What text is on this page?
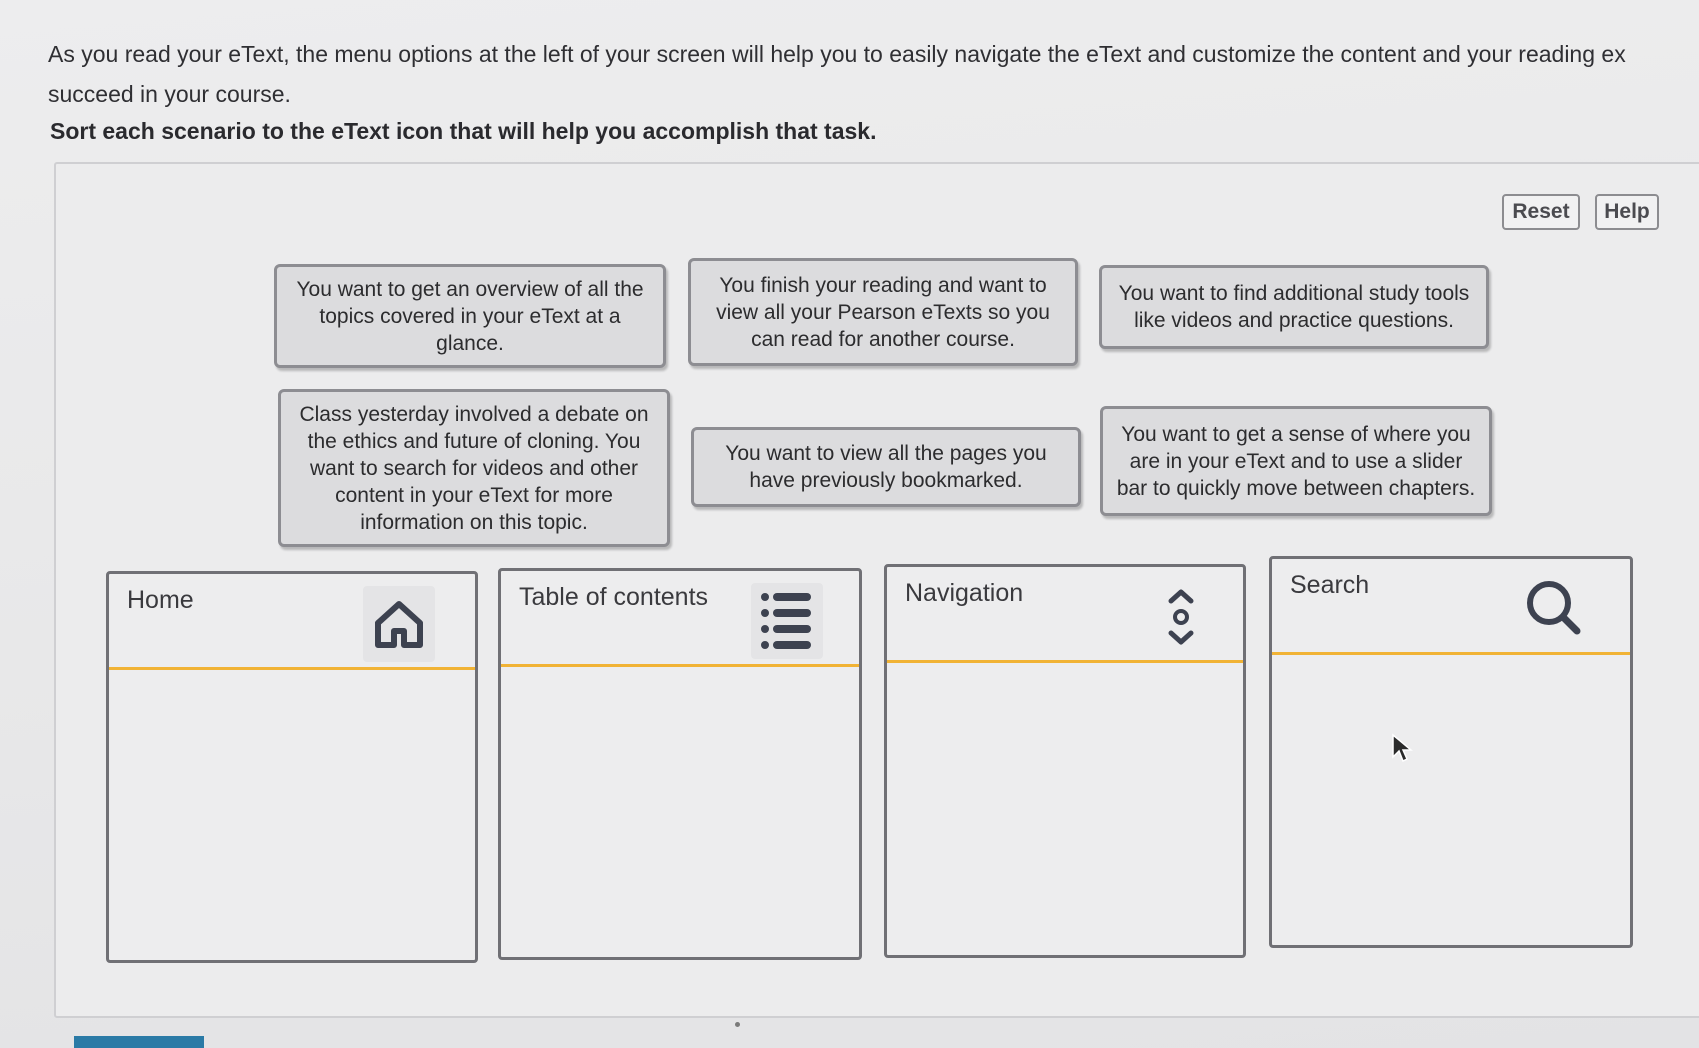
As you read your eText, the menu options at the left of your screen will help you to easily navigate the eText and customize the content and your reading ex
succeed in your course.
Sort each scenario to the eText icon that will help you accomplish that task.
Reset	Help
You want to get an overview of all the topics covered in your eText at a glance.
You finish your reading and want to view all your Pearson eTexts so you can read for another course.
You want to find additional study tools like videos and practice questions.
Class yesterday involved a debate on the ethics and future of cloning. You want to search for videos and other content in your eText for more information on this topic.
You want to view all the pages you have previously bookmarked.
You want to get a sense of where you are in your eText and to use a slider bar to quickly move between chapters.
Home	Table of contents	Navigation	Search
